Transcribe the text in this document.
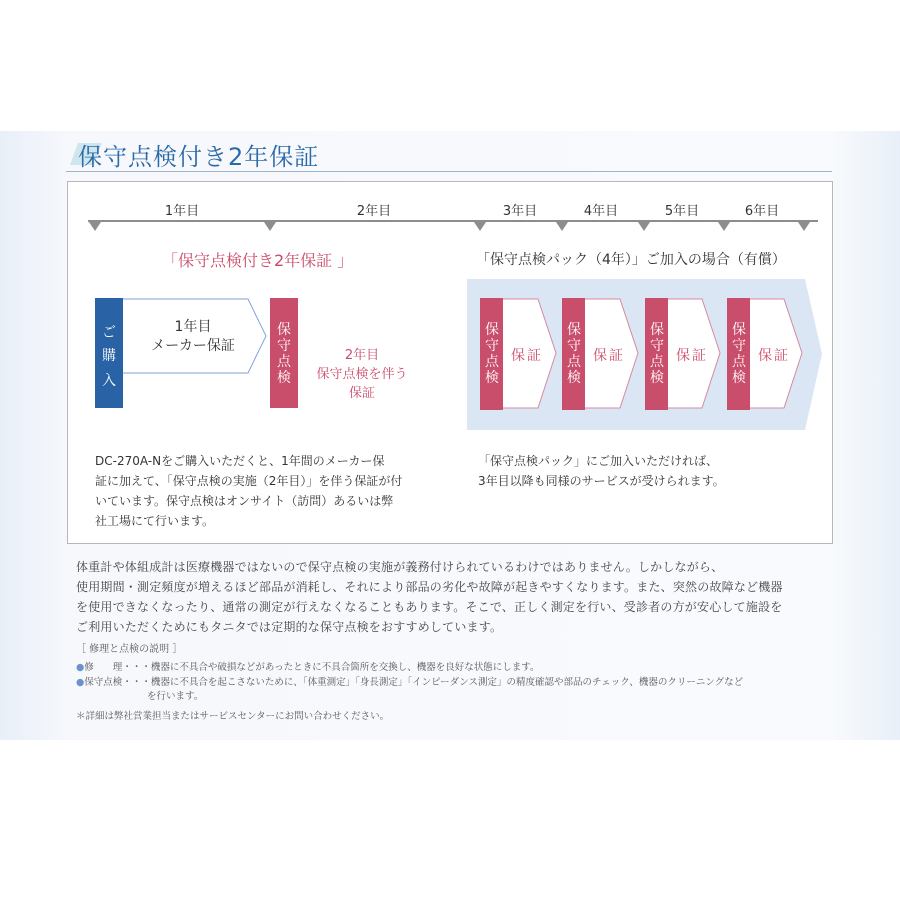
保守点検付き2年保証
1年目	2年目	3年目	4年目	5年目	6年目
「保守点検付き2年保証 」	「保守点検パック（4年）」ご加入の場合（有償）
ご
購
入
1年目
メーカー保証
保
守
点
検
2年目
保守点検を伴う
保証
保
守
点
検
保証
保
守
点
検
保証
保
守
点
検
保証
保
守
点
検
保証
DC-270A-Nをご購入いただくと、1年間のメーカー保
証に加えて、「保守点検の実施（2年目）」を伴う保証が付
いています。保守点検はオンサイト（訪問）あるいは弊
社工場にて行います。
「保守点検パック」にご加入いただければ、
3年目以降も同様のサービスが受けられます。
体重計や体組成計は医療機器ではないので保守点検の実施が義務付けられているわけではありません。しかしながら、
使用期間・測定頻度が増えるほど部品が消耗し、それにより部品の劣化や故障が起きやすくなります。また、突然の故障など機器
を使用できなくなったり、通常の測定が行えなくなることもあります。そこで、正しく測定を行い、受診者の方が安心して施設を
ご利用いただくためにもタニタでは定期的な保守点検をおすすめしています。
［ 修理と点検の説明 ］
●修　　理・・・機器に不具合や破損などがあったときに不具合箇所を交換し、機器を良好な状態にします。
●保守点検・・・機器に不具合を起こさないために、「体重測定」「身長測定」「インピーダンス測定」の精度確認や部品のチェック、機器のクリーニングなど
を行います。
＊詳細は弊社営業担当またはサービスセンターにお問い合わせください。
